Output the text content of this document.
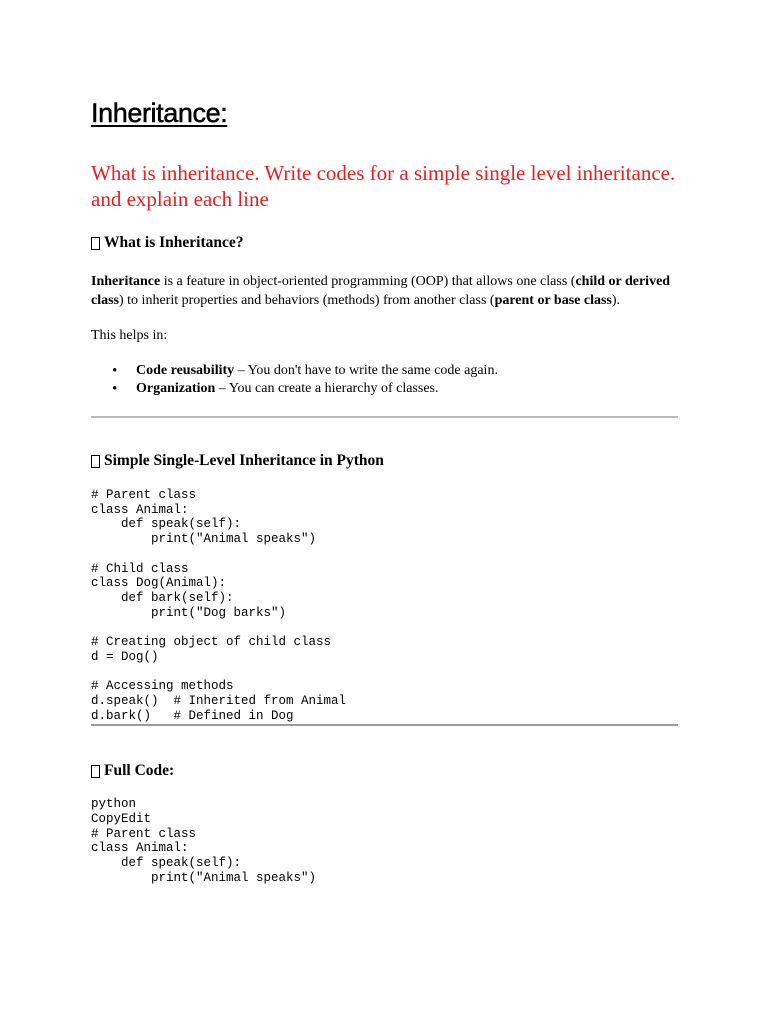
Inheritance:

What is inheritance. Write codes for a simple single level inheritance. and explain each line

What is Inheritance?

Inheritance is a feature in object-oriented programming (OOP) that allows one class (child or derived class) to inherit properties and behaviors (methods) from another class (parent or base class).

This helps in:

• Code reusability – You don't have to write the same code again.
• Organization – You can create a hierarchy of classes.
Simple Single-Level Inheritance in Python
# Parent class
class Animal:
def speak(self):
print("Animal speaks")

# Child class
class Dog(Animal):
def bark(self):
print("Dog barks")

# Creating object of child class
d = Dog()

# Accessing methods
d.speak()  # Inherited from Animal
d.bark()   # Defined in Dog
Full Code:
python
CopyEdit
# Parent class
class Animal:
def speak(self):
print("Animal speaks")
